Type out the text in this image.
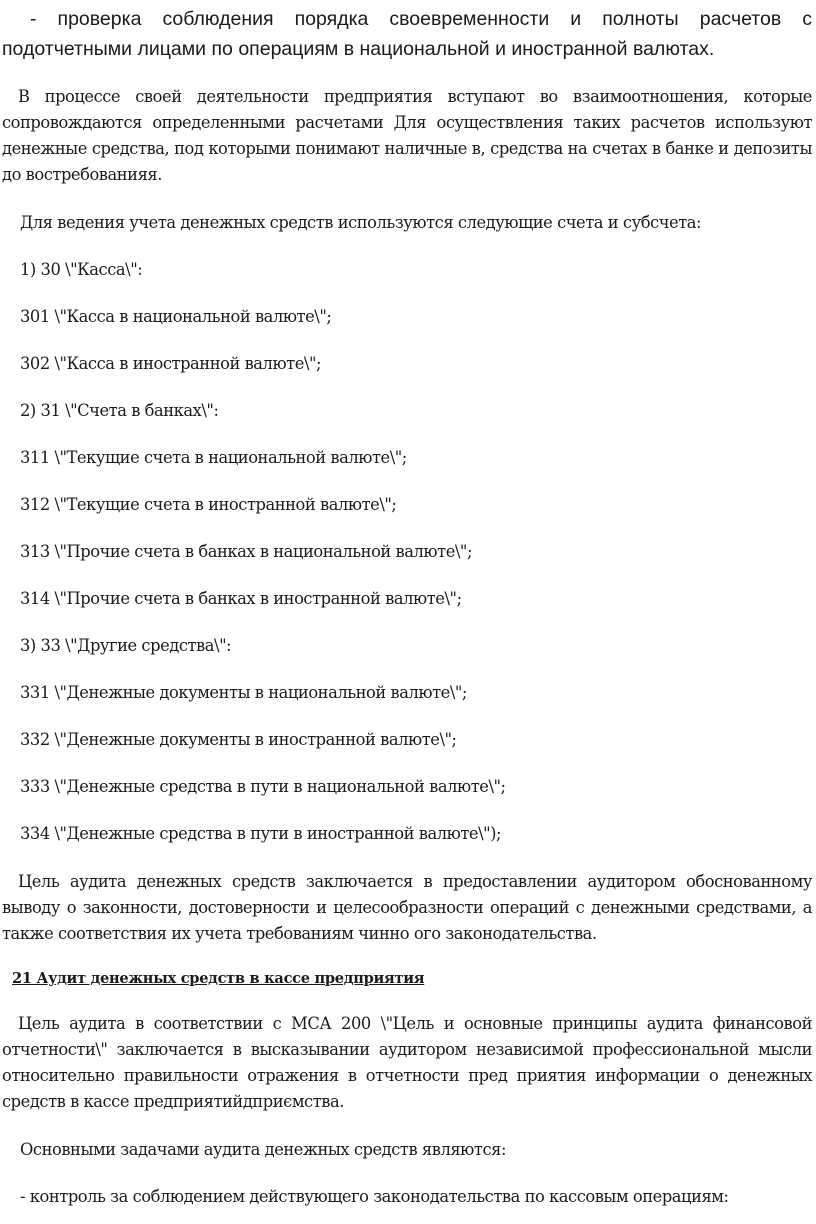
- проверка соблюдения порядка своевременности и полноты расчетов с подотчетными лицами по операциям в национальной и иностранной валютах.

В процессе своей деятельности предприятия вступают во взаимоотношения, которые сопровождаются определенными расчетами Для осуществления таких расчетов используют денежные средства, под которыми понимают наличные в, средства на счетах в банке и депозиты до востребованияя.

Для ведения учета денежных средств используются следующие счета и субсчета:

1) 30 \"Касса\":

301 \"Касса в национальной валюте\";

302 \"Касса в иностранной валюте\";

2) 31 \"Счета в банках\":

311 \"Текущие счета в национальной валюте\";

312 \"Текущие счета в иностранной валюте\";

313 \"Прочие счета в банках в национальной валюте\";

314 \"Прочие счета в банках в иностранной валюте\";

3) 33 \"Другие средства\":

331 \"Денежные документы в национальной валюте\";

332 \"Денежные документы в иностранной валюте\";

333 \"Денежные средства в пути в национальной валюте\";

334 \"Денежные средства в пути в иностранной валюте\");

Цель аудита денежных средств заключается в предоставлении аудитором обоснованному выводу о законности, достоверности и целесообразности операций с денежными средствами, а также соответствия их учета требованиям чинно ого законодательства.

21 Аудит денежных средств в кассе предприятия

Цель аудита в соответствии с МСА 200 \"Цель и основные принципы аудита финансовой отчетности\" заключается в высказывании аудитором независимой профессиональной мысли относительно правильности отражения в отчетности пред приятия информации о денежных средств в кассе предприятийдприємства.

Основными задачами аудита денежных средств являются:

- контроль за соблюдением действующего законодательства по кассовым операциям:
